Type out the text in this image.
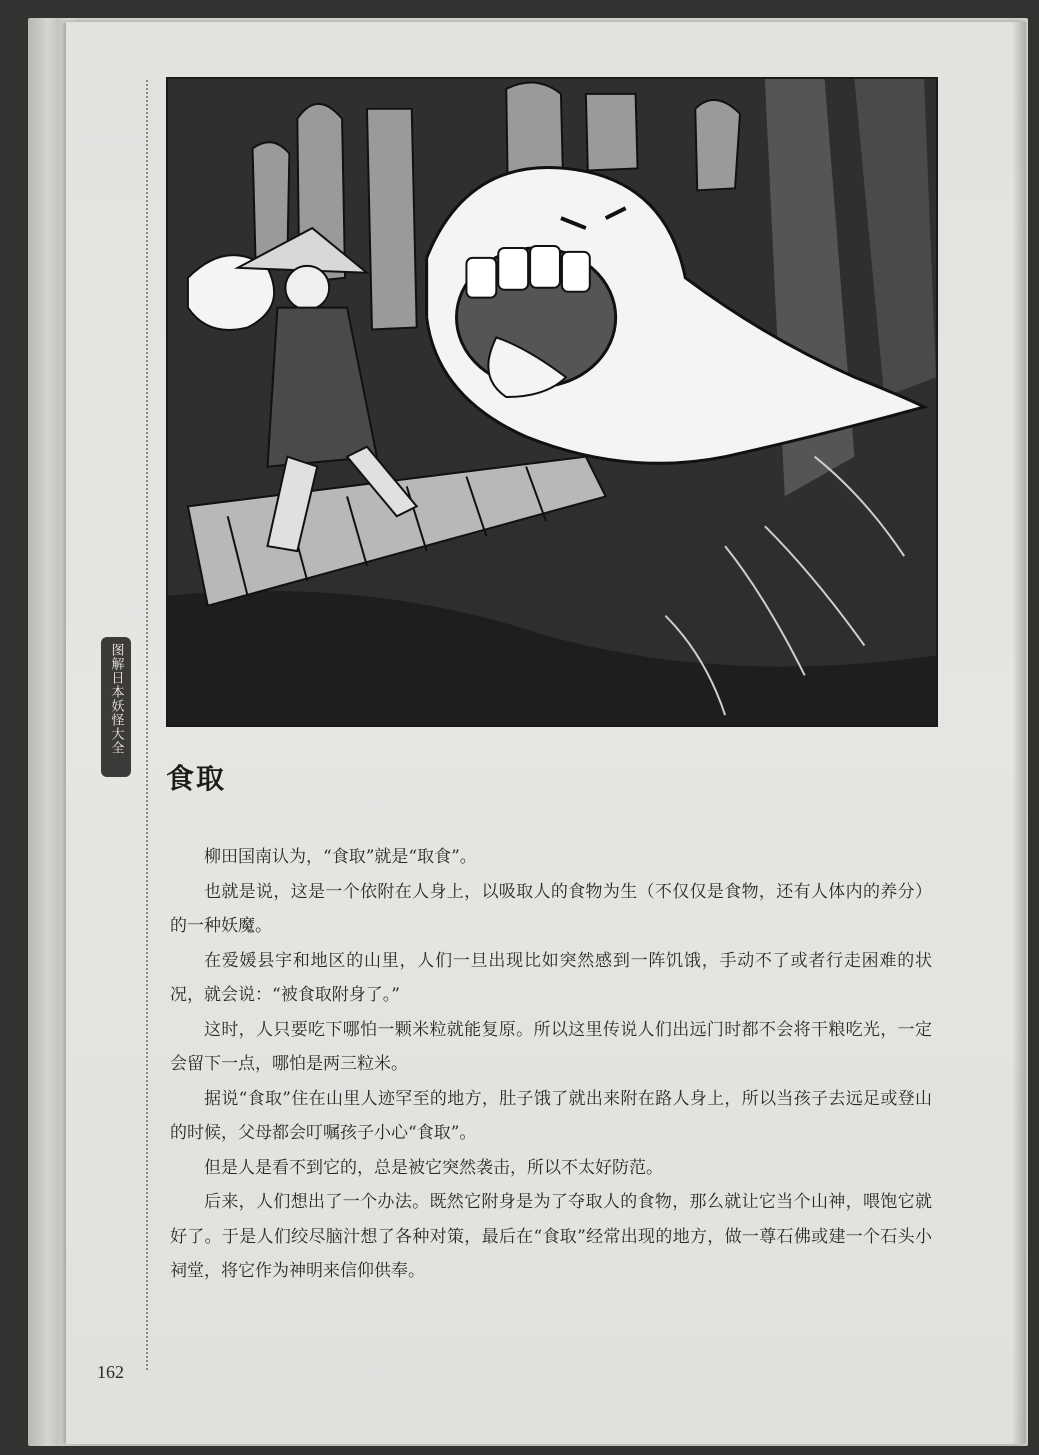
图解日本妖怪大全
食取

柳田国南认为，“食取”就是“取食”。

也就是说，这是一个依附在人身上，以吸取人的食物为生（不仅仅是食物，还有人体内的养分）的一种妖魔。

在爱媛县宇和地区的山里，人们一旦出现比如突然感到一阵饥饿，手动不了或者行走困难的状况，就会说：“被食取附身了。”

这时，人只要吃下哪怕一颗米粒就能复原。所以这里传说人们出远门时都不会将干粮吃光，一定会留下一点，哪怕是两三粒米。

据说“食取”住在山里人迹罕至的地方，肚子饿了就出来附在路人身上，所以当孩子去远足或登山的时候，父母都会叮嘱孩子小心“食取”。

但是人是看不到它的，总是被它突然袭击，所以不太好防范。

后来，人们想出了一个办法。既然它附身是为了夺取人的食物，那么就让它当个山神，喂饱它就好了。于是人们绞尽脑汁想了各种对策，最后在“食取”经常出现的地方，做一尊石佛或建一个石头小祠堂，将它作为神明来信仰供奉。

162
